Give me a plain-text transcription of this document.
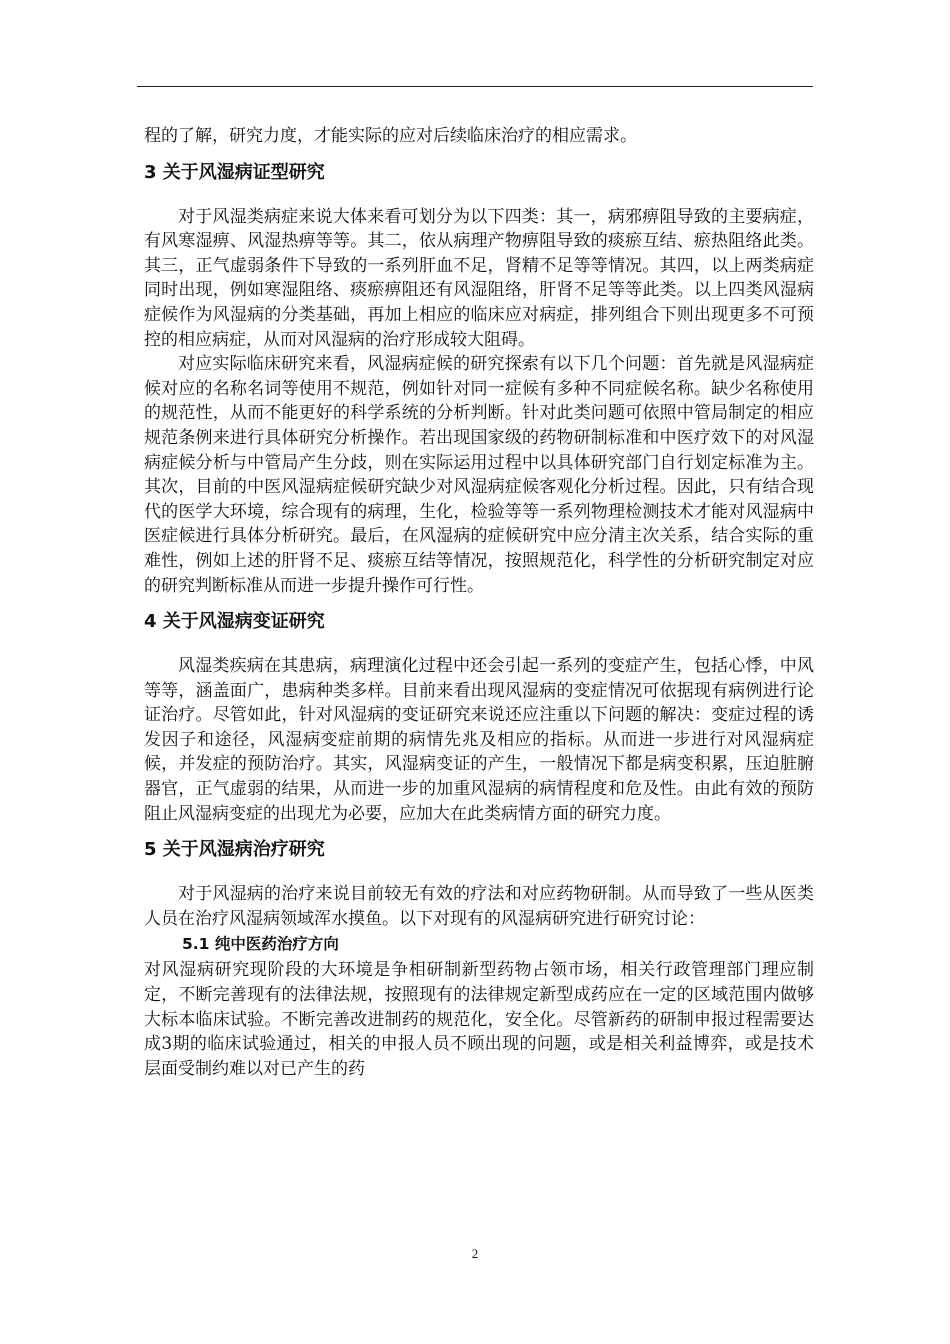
程的了解，研究力度，才能实际的应对后续临床治疗的相应需求。

3 关于风湿病证型研究

对于风湿类病症来说大体来看可划分为以下四类：其一，病邪痹阻导致的主要病症，有风寒湿痹、风湿热痹等等。其二，依从病理产物痹阻导致的痰瘀互结、瘀热阻络此类。其三，正气虚弱条件下导致的一系列肝血不足，肾精不足等等情况。其四，以上两类病症同时出现，例如寒湿阻络、痰瘀痹阻还有风湿阻络，肝肾不足等等此类。以上四类风湿病症候作为风湿病的分类基础，再加上相应的临床应对病症，排列组合下则出现更多不可预控的相应病症，从而对风湿病的治疗形成较大阻碍。

对应实际临床研究来看，风湿病症候的研究探索有以下几个问题：首先就是风湿病症候对应的名称名词等使用不规范，例如针对同一症候有多种不同症候名称。缺少名称使用的规范性，从而不能更好的科学系统的分析判断。针对此类问题可依照中管局制定的相应规范条例来进行具体研究分析操作。若出现国家级的药物研制标准和中医疗效下的对风湿病症候分析与中管局产生分歧，则在实际运用过程中以具体研究部门自行划定标准为主。其次，目前的中医风湿病症候研究缺少对风湿病症候客观化分析过程。因此，只有结合现代的医学大环境，综合现有的病理，生化，检验等等一系列物理检测技术才能对风湿病中医症候进行具体分析研究。最后，在风湿病的症候研究中应分清主次关系，结合实际的重难性，例如上述的肝肾不足、痰瘀互结等情况，按照规范化，科学性的分析研究制定对应的研究判断标准从而进一步提升操作可行性。

4 关于风湿病变证研究

风湿类疾病在其患病，病理演化过程中还会引起一系列的变症产生，包括心悸，中风等等，涵盖面广，患病种类多样。目前来看出现风湿病的变症情况可依据现有病例进行论证治疗。尽管如此，针对风湿病的变证研究来说还应注重以下问题的解决：变症过程的诱发因子和途径，风湿病变症前期的病情先兆及相应的指标。从而进一步进行对风湿病症候，并发症的预防治疗。其实，风湿病变证的产生，一般情况下都是病变积累，压迫脏腑器官，正气虚弱的结果，从而进一步的加重风湿病的病情程度和危及性。由此有效的预防阻止风湿病变症的出现尤为必要，应加大在此类病情方面的研究力度。

5 关于风湿病治疗研究

对于风湿病的治疗来说目前较无有效的疗法和对应药物研制。从而导致了一些从医类人员在治疗风湿病领域浑水摸鱼。以下对现有的风湿病研究进行研究讨论：

5.1 纯中医药治疗方向

对风湿病研究现阶段的大环境是争相研制新型药物占领市场，相关行政管理部门理应制定，不断完善现有的法律法规，按照现有的法律规定新型成药应在一定的区域范围内做够大标本临床试验。不断完善改进制药的规范化，安全化。尽管新药的研制申报过程需要达成3期的临床试验通过，相关的申报人员不顾出现的问题，或是相关利益博弈，或是技术层面受制约难以对已产生的药

2
